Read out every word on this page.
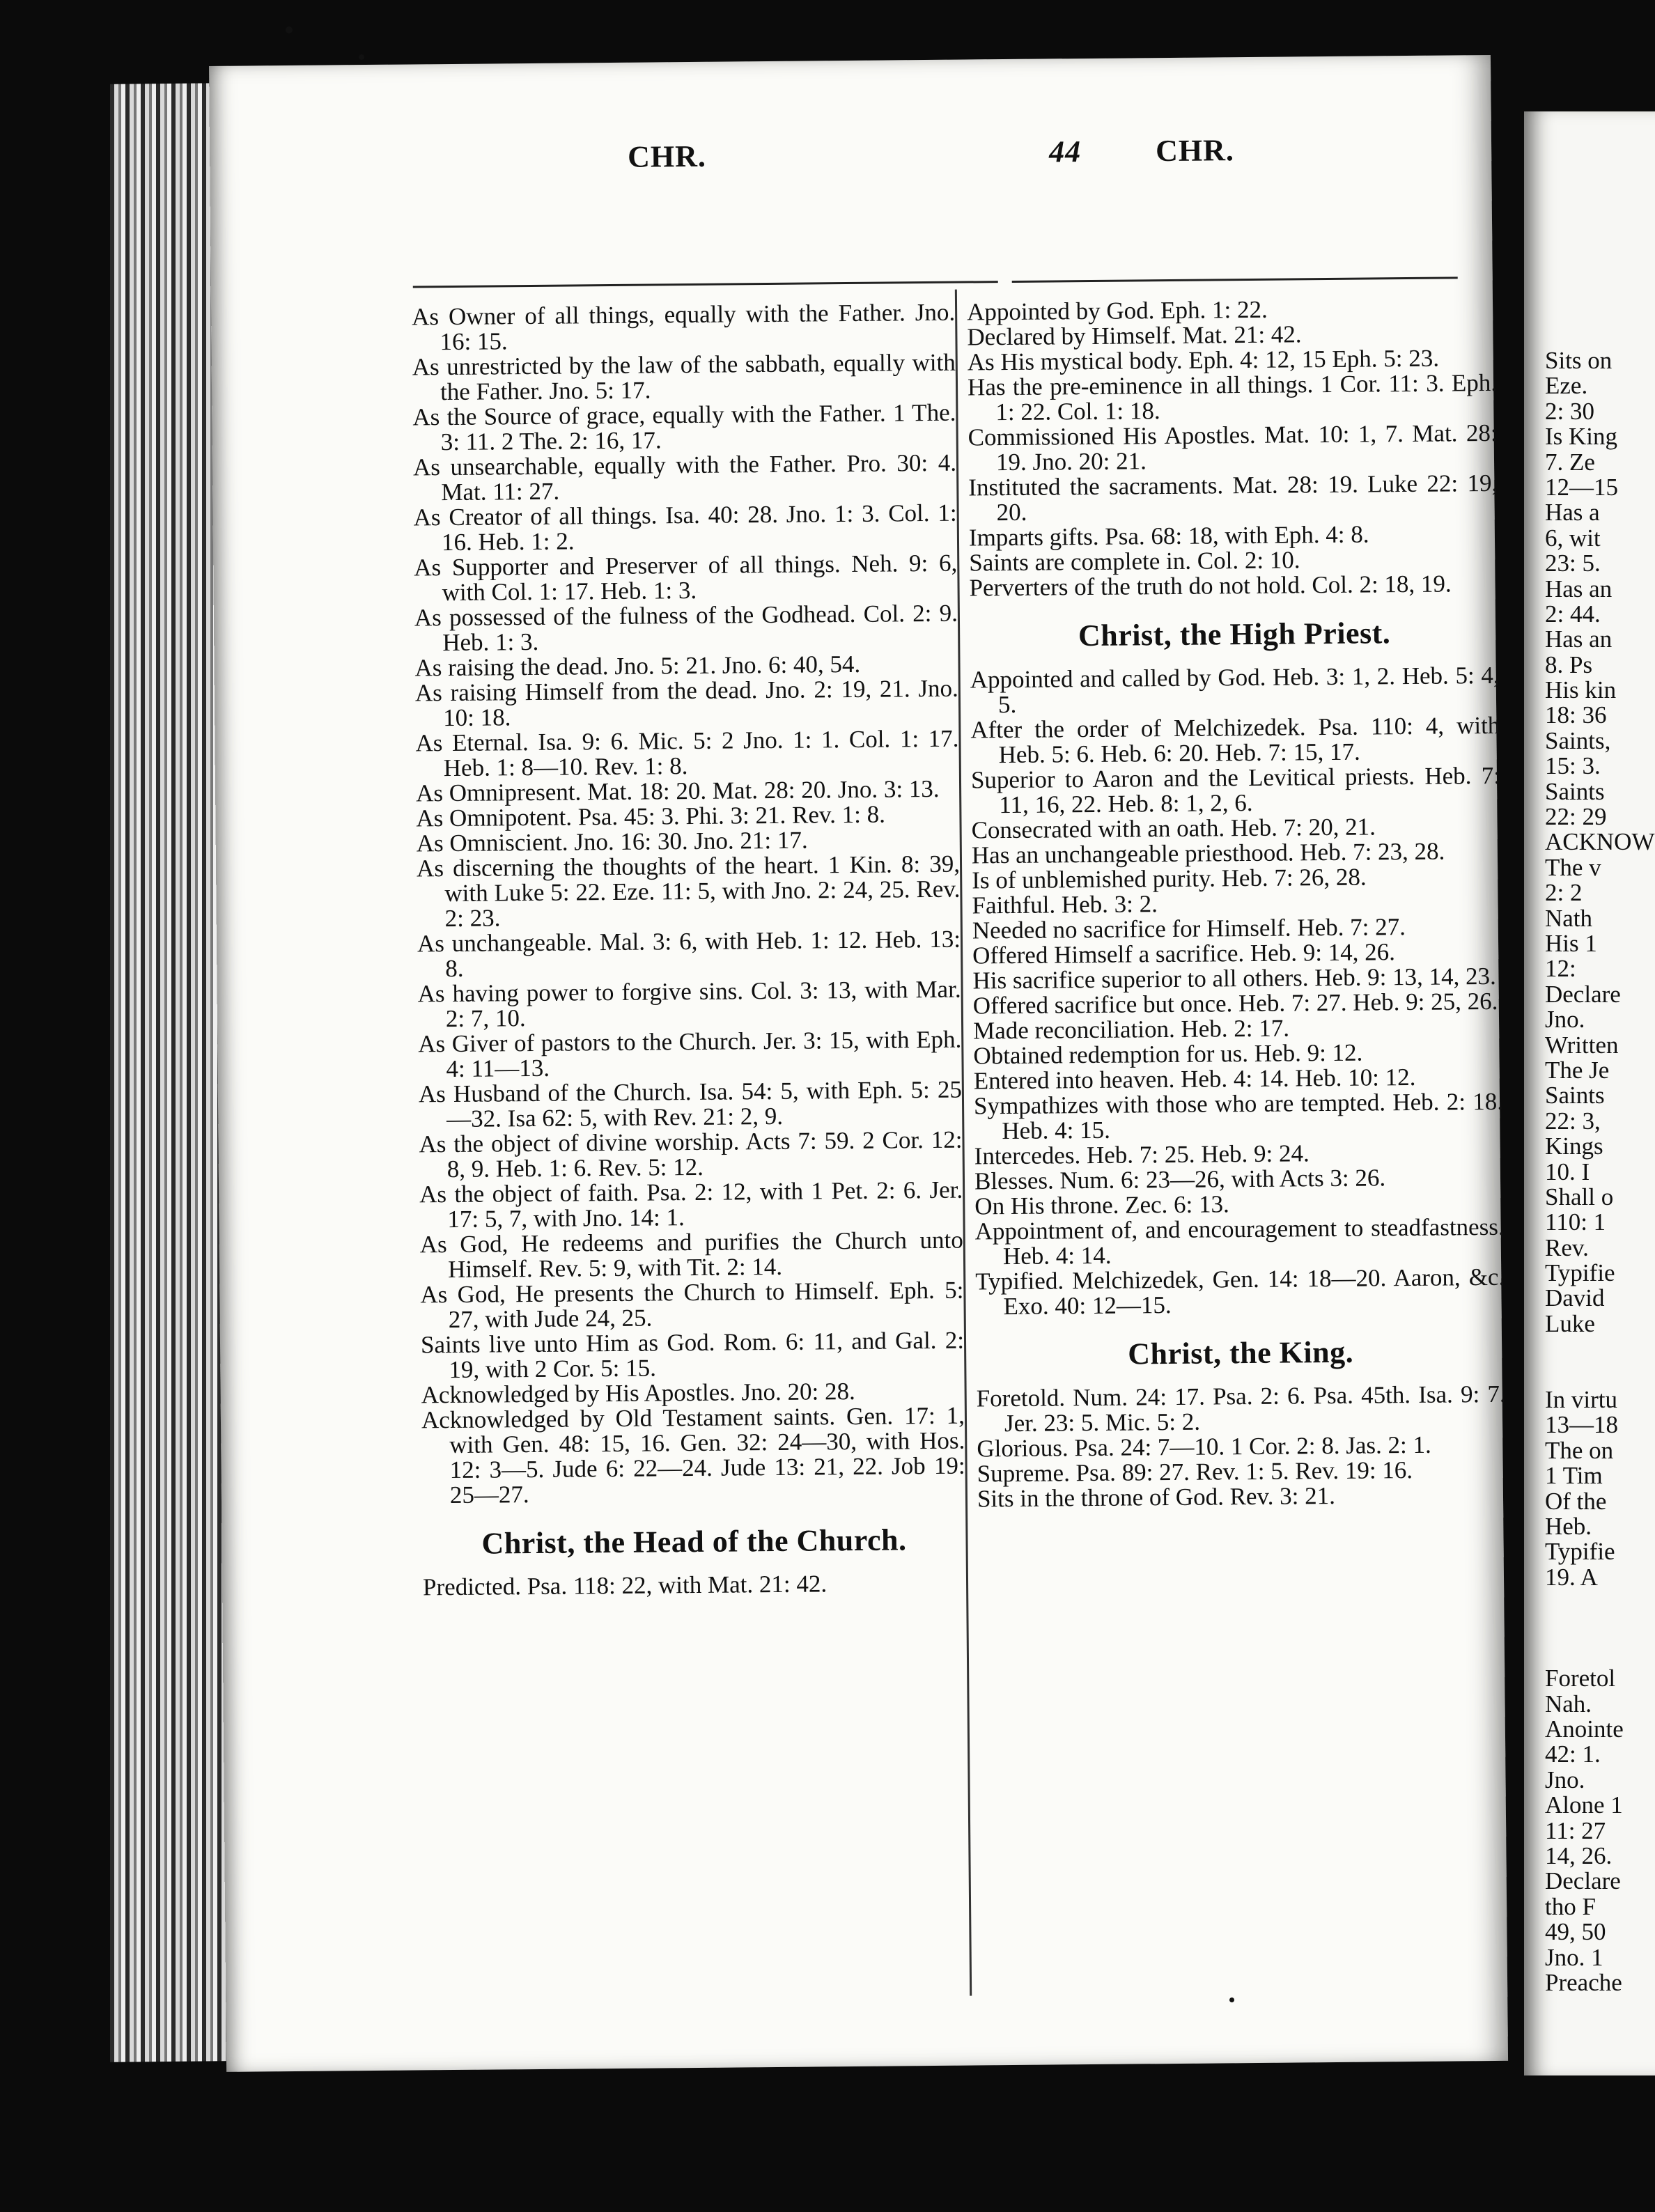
CHR.	44 CHR.
As Owner of all things, equally with the Father. Jno. 16: 15.
As unrestricted by the law of the sabbath, equally with the Father. Jno. 5: 17.
As the Source of grace, equally with the Father. 1 The. 3: 11. 2 The. 2: 16, 17.
As unsearchable, equally with the Father. Pro. 30: 4. Mat. 11: 27.
As Creator of all things. Isa. 40: 28. Jno. 1: 3. Col. 1: 16. Heb. 1: 2.
As Supporter and Preserver of all things. Neh. 9: 6, with Col. 1: 17. Heb. 1: 3.
As possessed of the fulness of the Godhead. Col. 2: 9. Heb. 1: 3.
As raising the dead. Jno. 5: 21. Jno. 6: 40, 54.
As raising Himself from the dead. Jno. 2: 19, 21. Jno. 10: 18.
As Eternal. Isa. 9: 6. Mic. 5: 2 Jno. 1: 1. Col. 1: 17. Heb. 1: 8—10. Rev. 1: 8.
As Omnipresent. Mat. 18: 20. Mat. 28: 20. Jno. 3: 13.
As Omnipotent. Psa. 45: 3. Phi. 3: 21. Rev. 1: 8.
As Omniscient. Jno. 16: 30. Jno. 21: 17.
As discerning the thoughts of the heart. 1 Kin. 8: 39, with Luke 5: 22. Eze. 11: 5, with Jno. 2: 24, 25. Rev. 2: 23.
As unchangeable. Mal. 3: 6, with Heb. 1: 12. Heb. 13: 8.
As having power to forgive sins. Col. 3: 13, with Mar. 2: 7, 10.
As Giver of pastors to the Church. Jer. 3: 15, with Eph. 4: 11—13.
As Husband of the Church. Isa. 54: 5, with Eph. 5: 25—32. Isa 62: 5, with Rev. 21: 2, 9.
As the object of divine worship. Acts 7: 59. 2 Cor. 12: 8, 9. Heb. 1: 6. Rev. 5: 12.
As the object of faith. Psa. 2: 12, with 1 Pet. 2: 6. Jer. 17: 5, 7, with Jno. 14: 1.
As God, He redeems and purifies the Church unto Himself. Rev. 5: 9, with Tit. 2: 14.
As God, He presents the Church to Himself. Eph. 5: 27, with Jude 24, 25.
Saints live unto Him as God. Rom. 6: 11, and Gal. 2: 19, with 2 Cor. 5: 15.
Acknowledged by His Apostles. Jno. 20: 28.
Acknowledged by Old Testament saints. Gen. 17: 1, with Gen. 48: 15, 16. Gen. 32: 24—30, with Hos. 12: 3—5. Jude 6: 22—24. Jude 13: 21, 22. Job 19: 25—27.
Christ, the Head of the Church.
Predicted. Psa. 118: 22, with Mat. 21: 42.
Appointed by God. Eph. 1: 22.
Declared by Himself. Mat. 21: 42.
As His mystical body. Eph. 4: 12, 15 Eph. 5: 23.
Has the pre-eminence in all things. 1 Cor. 11: 3. Eph. 1: 22. Col. 1: 18.
Commissioned His Apostles. Mat. 10: 1, 7. Mat. 28: 19. Jno. 20: 21.
Instituted the sacraments. Mat. 28: 19. Luke 22: 19, 20.
Imparts gifts. Psa. 68: 18, with Eph. 4: 8.
Saints are complete in. Col. 2: 10.
Perverters of the truth do not hold. Col. 2: 18, 19.
Christ, the High Priest.
Appointed and called by God. Heb. 3: 1, 2. Heb. 5: 4, 5.
After the order of Melchizedek. Psa. 110: 4, with Heb. 5: 6. Heb. 6: 20. Heb. 7: 15, 17.
Superior to Aaron and the Levitical priests. Heb. 7: 11, 16, 22. Heb. 8: 1, 2, 6.
Consecrated with an oath. Heb. 7: 20, 21.
Has an unchangeable priesthood. Heb. 7: 23, 28.
Is of unblemished purity. Heb. 7: 26, 28.
Faithful. Heb. 3: 2.
Needed no sacrifice for Himself. Heb. 7: 27.
Offered Himself a sacrifice. Heb. 9: 14, 26.
His sacrifice superior to all others. Heb. 9: 13, 14, 23.
Offered sacrifice but once. Heb. 7: 27. Heb. 9: 25, 26.
Made reconciliation. Heb. 2: 17.
Obtained redemption for us. Heb. 9: 12.
Entered into heaven. Heb. 4: 14. Heb. 10: 12.
Sympathizes with those who are tempted. Heb. 2: 18. Heb. 4: 15.
Intercedes. Heb. 7: 25. Heb. 9: 24.
Blesses. Num. 6: 23—26, with Acts 3: 26.
On His throne. Zec. 6: 13.
Appointment of, and encouragement to steadfastness. Heb. 4: 14.
Typified. Melchizedek, Gen. 14: 18—20. Aaron, &c. Exo. 40: 12—15.
Christ, the King.
Foretold. Num. 24: 17. Psa. 2: 6. Psa. 45th. Isa. 9: 7. Jer. 23: 5. Mic. 5: 2.
Glorious. Psa. 24: 7—10. 1 Cor. 2: 8. Jas. 2: 1.
Supreme. Psa. 89: 27. Rev. 1: 5. Rev. 19: 16.
Sits in the throne of God. Rev. 3: 21.
Sits on
Eze.
2: 30
Is King
7. Ze
12—15
Has a
6, wit
23: 5.
Has an
2: 44.
Has an
8. Ps
His kin
18: 36
Saints,
15: 3.
Saints
22: 29
ACKNOW
The v
2: 2
Nath
His 1
12:
Declare
Jno.
Written
The Je
Saints
22: 3,
Kings
10. I
Shall o
110: 1
Rev.
Typifie
David
Luke
In virtu
13—18
The on
1 Tim
Of the
Heb.
Typifie
19. A
Foretol
Nah.
Anointe
42: 1.
Jno.
Alone 1
11: 27
14, 26.
Declare
tho F
49, 50
Jno. 1
Preache
